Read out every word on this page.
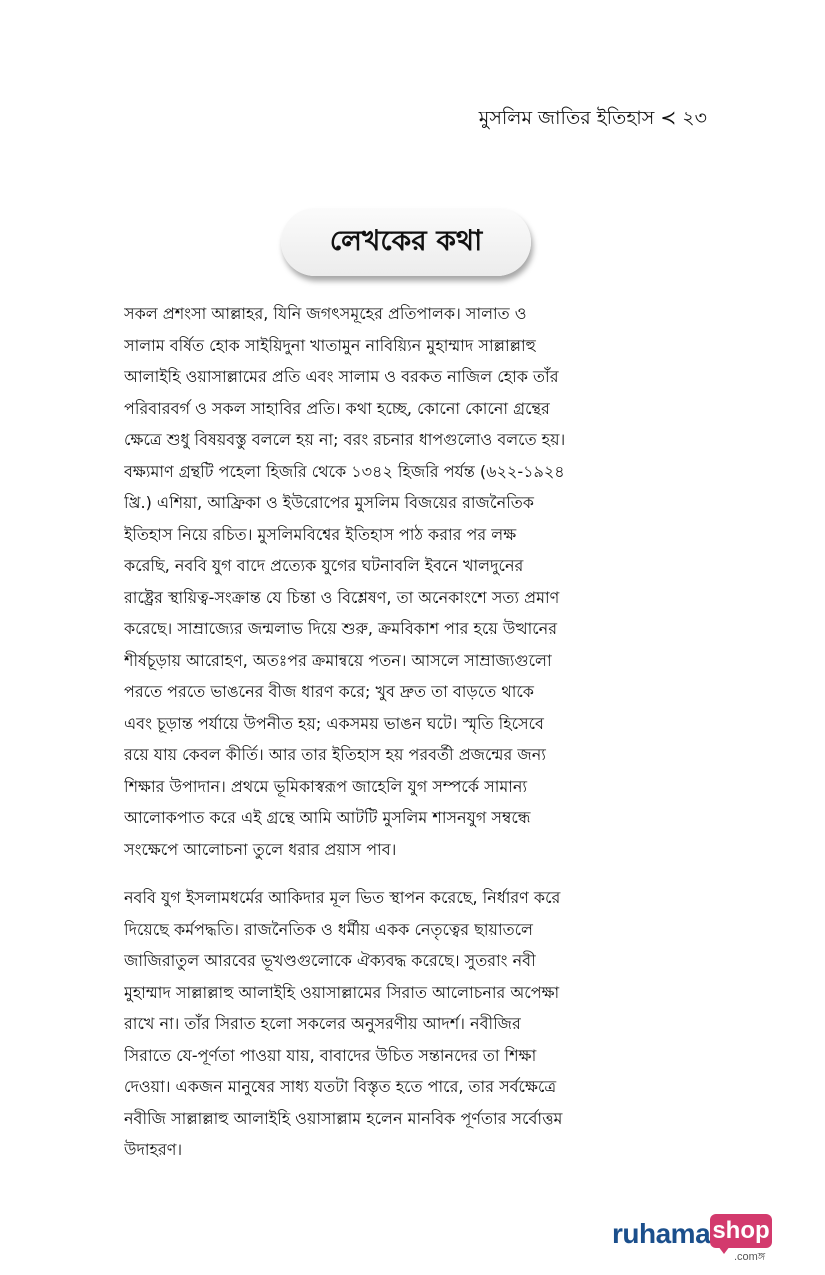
মুসলিম জাতির ইতিহাস ≺ ২৩
লেখকের কথা

সকল প্রশংসা আল্লাহর, যিনি জগৎসমূহের প্রতিপালক। সালাত ও
সালাম বর্ষিত হোক সাইয়িদুনা খাতামুন নাবিয়্যিন মুহাম্মাদ সাল্লাল্লাহু
আলাইহি ওয়াসাল্লামের প্রতি এবং সালাম ও বরকত নাজিল হোক তাঁর
পরিবারবর্গ ও সকল সাহাবির প্রতি। কথা হচ্ছে, কোনো কোনো গ্রন্থের
ক্ষেত্রে শুধু বিষয়বস্তু বললে হয় না; বরং রচনার ধাপগুলোও বলতে হয়।
বক্ষ্যমাণ গ্রন্থটি পহেলা হিজরি থেকে ১৩৪২ হিজরি পর্যন্ত (৬২২-১৯২৪
খ্রি.) এশিয়া, আফ্রিকা ও ইউরোপের মুসলিম বিজয়ের রাজনৈতিক
ইতিহাস নিয়ে রচিত। মুসলিমবিশ্বের ইতিহাস পাঠ করার পর লক্ষ
করেছি, নববি যুগ বাদে প্রত্যেক যুগের ঘটনাবলি ইবনে খালদুনের
রাষ্ট্রের স্থায়িত্ব-সংক্রান্ত যে চিন্তা ও বিশ্লেষণ, তা অনেকাংশে সত্য প্রমাণ
করেছে। সাম্রাজ্যের জন্মলাভ দিয়ে শুরু, ক্রমবিকাশ পার হয়ে উত্থানের
শীর্ষচূড়ায় আরোহণ, অতঃপর ক্রমান্বয়ে পতন। আসলে সাম্রাজ্যগুলো
পরতে পরতে ভাঙনের বীজ ধারণ করে; খুব দ্রুত তা বাড়তে থাকে
এবং চূড়ান্ত পর্যায়ে উপনীত হয়; একসময় ভাঙন ঘটে। স্মৃতি হিসেবে
রয়ে যায় কেবল কীর্তি। আর তার ইতিহাস হয় পরবর্তী প্রজন্মের জন্য
শিক্ষার উপাদান। প্রথমে ভূমিকাস্বরূপ জাহেলি যুগ সম্পর্কে সামান্য
আলোকপাত করে এই গ্রন্থে আমি আটটি মুসলিম শাসনযুগ সম্বন্ধে
সংক্ষেপে আলোচনা তুলে ধরার প্রয়াস পাব।

নববি যুগ ইসলামধর্মের আকিদার মূল ভিত স্থাপন করেছে, নির্ধারণ করে
দিয়েছে কর্মপদ্ধতি। রাজনৈতিক ও ধর্মীয় একক নেতৃত্বের ছায়াতলে
জাজিরাতুল আরবের ভূখণ্ডগুলোকে ঐক্যবদ্ধ করেছে। সুতরাং নবী
মুহাম্মাদ সাল্লাল্লাহু আলাইহি ওয়াসাল্লামের সিরাত আলোচনার অপেক্ষা
রাখে না। তাঁর সিরাত হলো সকলের অনুসরণীয় আদর্শ। নবীজির
সিরাতে যে-পূর্ণতা পাওয়া যায়, বাবাদের উচিত সন্তানদের তা শিক্ষা
দেওয়া। একজন মানুষের সাধ্য যতটা বিস্তৃত হতে পারে, তার সর্বক্ষেত্রে
নবীজি সাল্লাল্লাহু আলাইহি ওয়াসাল্লাম হলেন মানবিক পূর্ণতার সর্বোত্তম
উদাহরণ।

ruhama shop
.comঙ্গ
